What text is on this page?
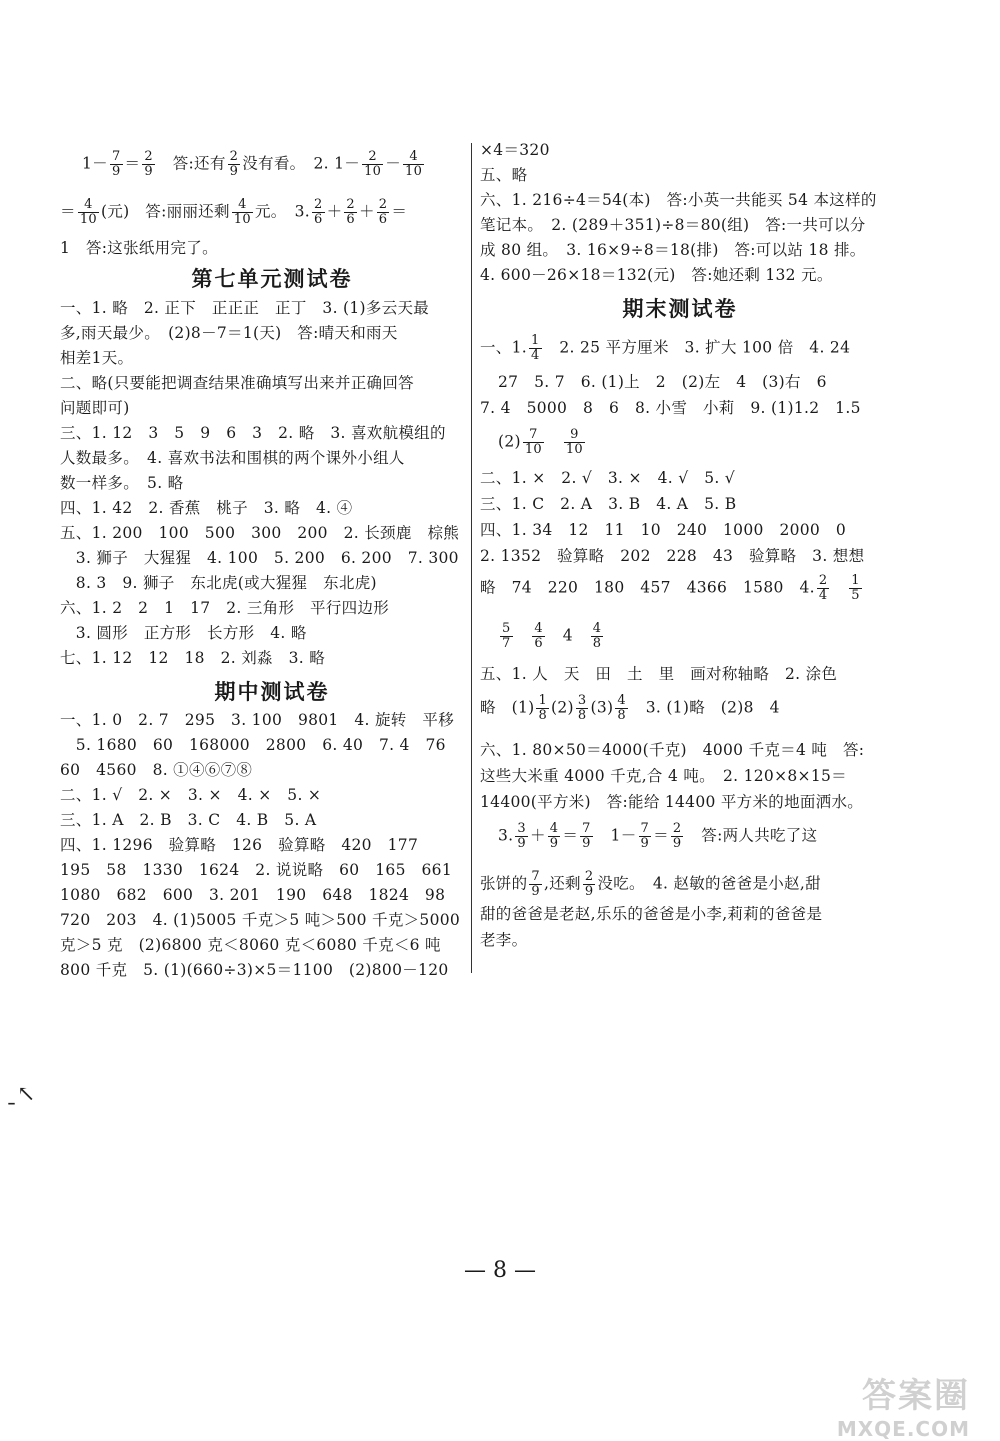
$1- \frac{7}{9} = \frac{2}{9}$ 　答:还有 $\frac{2}{9}$ 没有看。　2. $1- \frac{2}{10} - \frac{4}{10}$
＝ $\frac{4}{10}$ (元)　答:丽丽还剩 $\frac{4}{10}$ 元。　3. $\frac{2}{6} + \frac{2}{6} + \frac{2}{6}$ ＝
1　答:这张纸用完了。
第七单元测试卷
一、1. 略　2. 正下　正正正　正丁　3. (1)多云天最
多,雨天最少。　(2)8－7＝1(天)　答:晴天和雨天
相差1天。
二、略(只要能把调查结果准确填写出来并正确回答
问题即可)
三、1. 12　3　5　9　6　3　2. 略　3. 喜欢航模组的
人数最多。　4. 喜欢书法和围棋的两个课外小组人
数一样多。　5. 略
四、1. 42　2. 香蕉　桃子　3. 略　4. ④
五、1. 200　100　500　300　200　2. 长颈鹿　棕熊
　3. 狮子　大猩猩　4. 100　5. 200　6. 200　7. 300
　8. 3　9. 狮子　东北虎(或大猩猩　东北虎)
六、1. 2　2　1　17　2. 三角形　平行四边形
　3. 圆形　正方形　长方形　4. 略
七、1. 12　12　18　2. 刘淼　3. 略
期中测试卷
一、1. 0　2. 7　295　3. 100　9801　4. 旋转　平移
　5. 1680　60　168000　2800　6. 40　7. 4　76
60　4560　8. ①④⑥⑦⑧
二、1. √　2. ×　3. ×　4. ×　5. ×
三、1. A　2. B　3. C　4. B　5. A
四、1. 1296　验算略　126　验算略　420　177
195　58　1330　1624　2. 说说略　60　165　661
1080　682　600　3. 201　190　648　1824　98
720　203　4. (1)5005 千克＞5 吨＞500 千克＞5000
克＞5 克　(2)6800 克＜8060 克＜6080 千克＜6 吨
800 千克　5. (1)(660÷3)×5＝1100　(2)800－120
×4＝320
五、略
六、1. 216÷4＝54(本)　答:小英一共能买 54 本这样的
笔记本。　2. (289＋351)÷8＝80(组)　答:一共可以分
成 80 组。　3. 16×9÷8＝18(排)　答:可以站 18 排。
4. 600－26×18＝132(元)　答:她还剩 132 元。
期末测试卷
一、1. $\frac{1}{4}$ 　2. 25 平方厘米　3. 扩大 100 倍　4. 24
27　5. 7　6. (1)上　2　(2)左　4　(3)右　6
7. 4　5000　8　6　8. 小雪　小莉　9. (1)1.2　1.5
$(2) \frac{7}{10}$
　 $\frac{9}{10}$
二、1. ×　2. √　3. ×　4. √　5. √
三、1. C　2. A　3. B　4. A　5. B
四、1. 34　12　11　10　240　1000　2000　0
2. 1352　验算略　202　228　43　验算略　3. 想想
略　74　220　180　457　4366　1580　4. $\frac{2}{4}$
　 $\frac{1}{5}$
$\frac{5}{7}$
　 $\frac{4}{6}$
　 4　 $\frac{4}{8}$
五、1. 人　天　田　土　里　画对称轴略　2. 涂色
略　$(1) \frac{1}{8} (2) \frac{3}{8} (3) \frac{4}{8}$ 　3. (1)略　(2)8　4
六、1. 80×50＝4000(千克)　4000 千克＝4 吨　答:
这些大米重 4000 千克,合 4 吨。　2. 120×8×15＝
14400(平方米)　答:能给 14400 平方米的地面洒水。
3. $\frac{3}{9} + \frac{4}{9} = \frac{7}{9}$ 　$1- \frac{7}{9} = \frac{2}{9}$ 　答:两人共吃了这
张饼的 $\frac{7}{9}$ ,还剩 $\frac{2}{9}$ 没吃。　4. 赵敏的爸爸是小赵,甜
甜的爸爸是老赵,乐乐的爸爸是小李,莉莉的爸爸是
老李。
ˍ↖
— 8 —
答案圈
MXQE.COM
